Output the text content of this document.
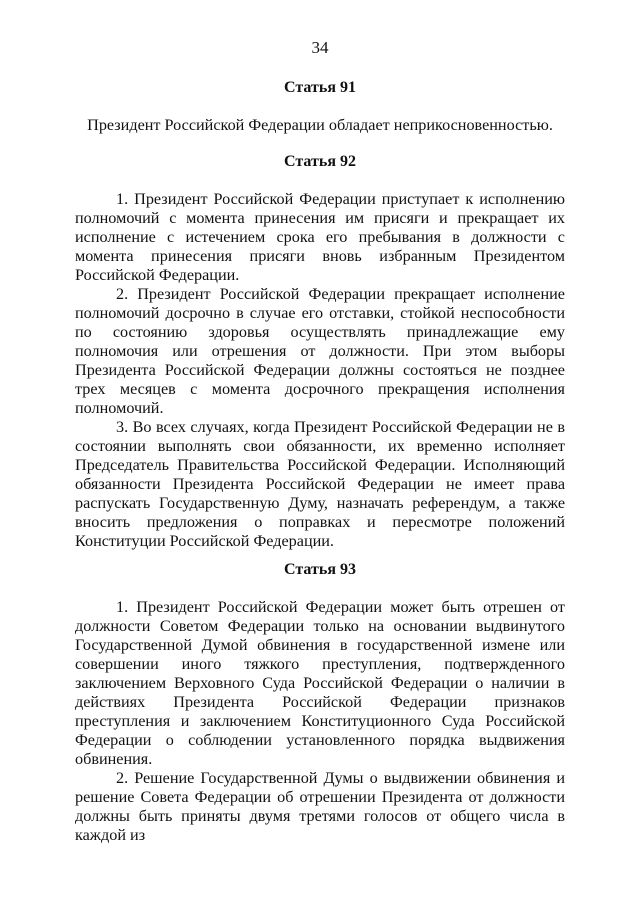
34
Статья 91

Президент Российской Федерации обладает неприкосновенностью.

Статья 92

1. Президент Российской Федерации приступает к исполнению полномочий с момента принесения им присяги и прекращает их исполнение с истечением срока его пребывания в должности с момента принесения присяги вновь избранным Президентом Российской Федерации.

2. Президент Российской Федерации прекращает исполнение полномочий досрочно в случае его отставки, стойкой неспособности по состоянию здоровья осуществлять принадлежащие ему полномочия или отрешения от должности. При этом выборы Президента Российской Федерации должны состояться не позднее трех месяцев с момента досрочного прекращения исполнения полномочий.

3. Во всех случаях, когда Президент Российской Федерации не в состоянии выполнять свои обязанности, их временно исполняет Председатель Правительства Российской Федерации. Исполняющий обязанности Президента Российской Федерации не имеет права распускать Государственную Думу, назначать референдум, а также вносить предложения о поправках и пересмотре положений Конституции Российской Федерации.

Статья 93

1. Президент Российской Федерации может быть отрешен от должности Советом Федерации только на основании выдвинутого Государственной Думой обвинения в государственной измене или совершении иного тяжкого преступления, подтвержденного заключением Верховного Суда Российской Федерации о наличии в действиях Президента Российской Федерации признаков преступления и заключением Конституционного Суда Российской Федерации о соблюдении установленного порядка выдвижения обвинения.

2. Решение Государственной Думы о выдвижении обвинения и решение Совета Федерации об отрешении Президента от должности должны быть приняты двумя третями голосов от общего числа в каждой из
